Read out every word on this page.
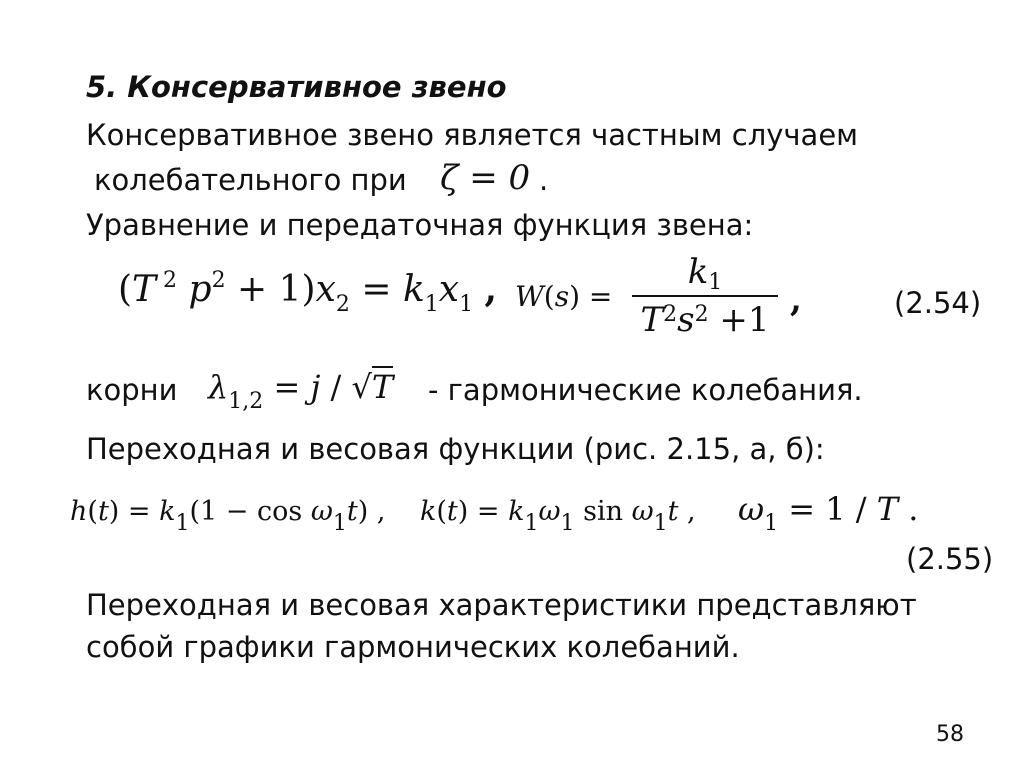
5. Консервативное звено
Консервативное звено является частным случаем
колебательного при ζ = 0 .
Уравнение и передаточная функция звена:
(T $^2$ $p^2 + 1)x_2 = k_1x_1$ , W(s) =
k1
$T^2s^2 +1$ ,	(2.54)
корни $\lambda_{1,2} = j / √T$ - гармонические колебания.
Переходная и весовая функции (рис. 2.15, а, б):
$h(t) = k_1(1 - \cos \omega_1t)$ , $k(t) = k_1\omega_1$ $\sin \omega_1t$ , $\omega_1 = 1 / T$ .
(2.55)
Переходная и весовая характеристики представляют
собой графики гармонических колебаний.
58
